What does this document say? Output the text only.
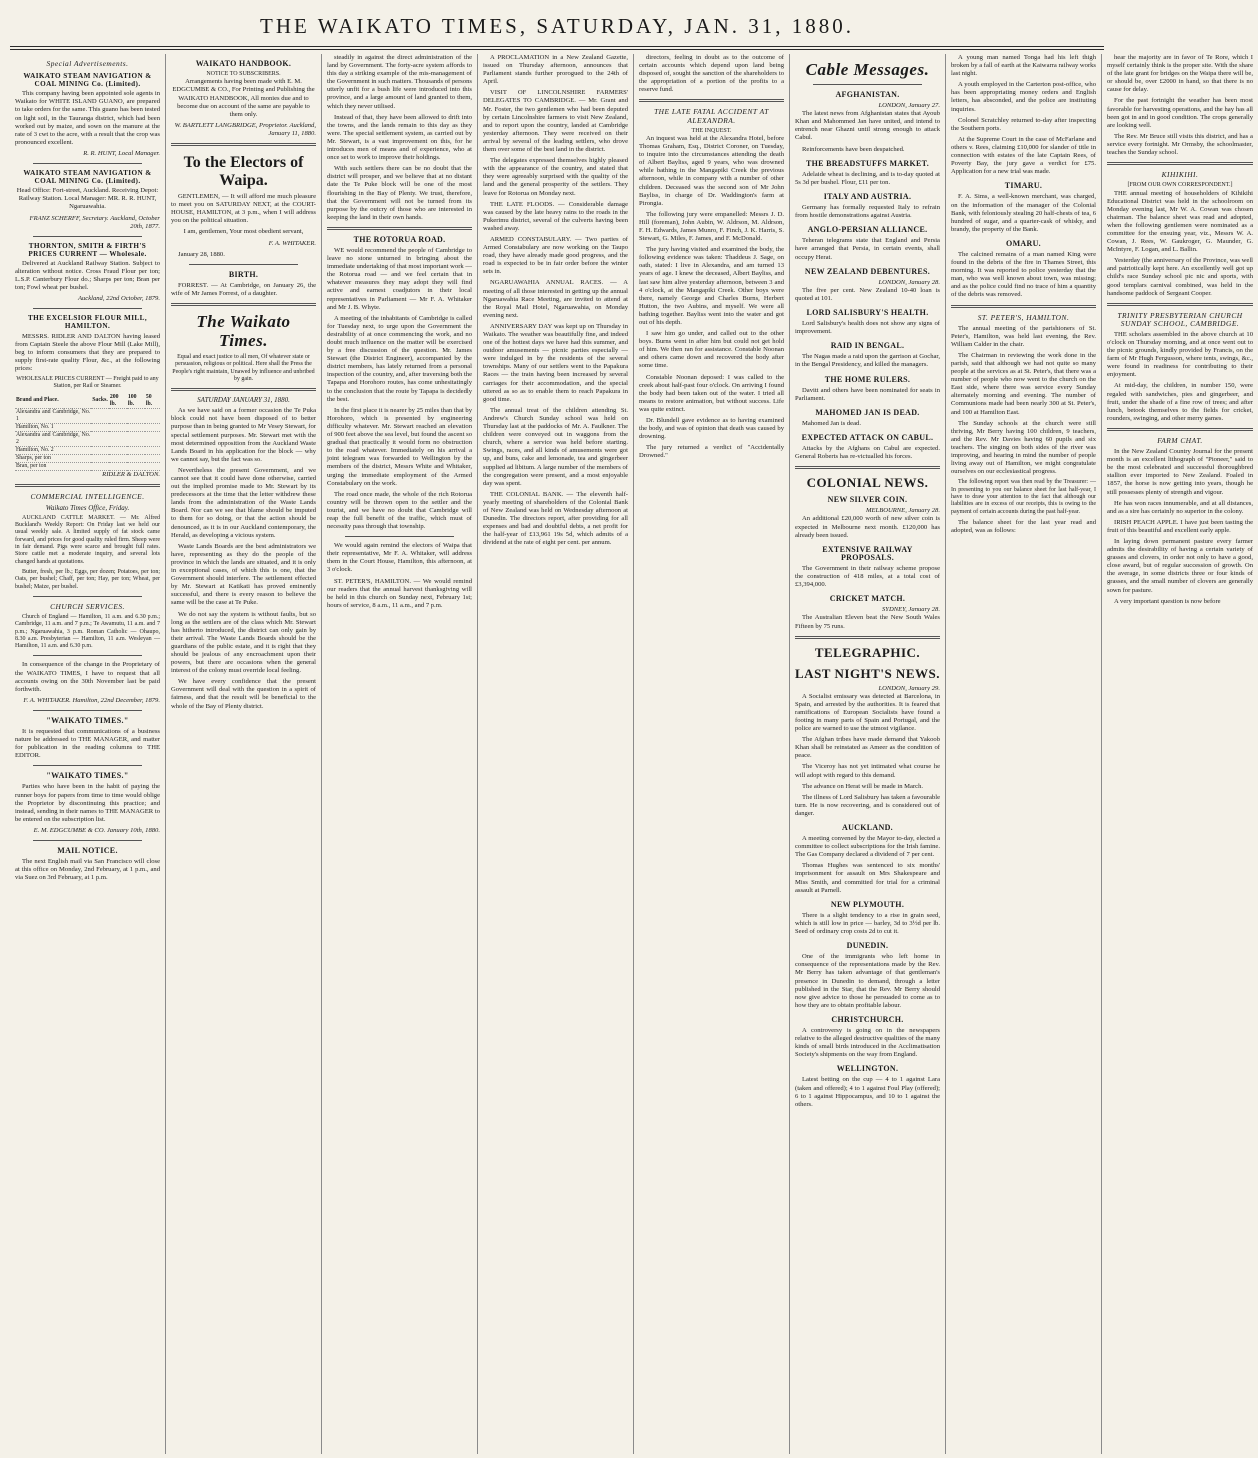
THE WAIKATO TIMES, SATURDAY, JAN. 31, 1880.
Special Advertisements.
WAIKATO STEAM NAVIGATION & COAL MINING Co. (Limited).

This company having been appointed sole agents in Waikato for WHITE ISLAND GUANO, are prepared to take orders for the same. This guano has been tested on light soil, in the Tauranga district, which had been worked out by maize, and sown on the manure at the rate of 3 cwt to the acre, with a result that the crop was pronounced excellent.

R. R. HUNT, Local Manager.

WAIKATO STEAM NAVIGATION & COAL MINING Co. (Limited).

Head Office: Fort-street, Auckland. Receiving Depot: Railway Station. Local Manager: MR. R. R. HUNT, Ngaruawahia.

FRANZ SCHERFF, Secretary. Auckland, October 20th, 1877.

THORNTON, SMITH & FIRTH'S PRICES CURRENT — Wholesale.

Delivered at Auckland Railway Station. Subject to alteration without notice. Cross Fraud Flour per ton; L.S.P. Canterbury Flour do.; Sharps per ton; Bran per ton; Fowl wheat per bushel.

Auckland, 22nd October, 1879.

THE EXCELSIOR FLOUR MILL, HAMILTON.

MESSRS. RIDLER AND DALTON having leased from Captain Steele the above Flour Mill (Lake Mill), beg to inform consumers that they are prepared to supply first-rate quality Flour, &c., at the following prices:

WHOLESALE PRICES CURRENT — Freight paid to any Station, per Rail or Steamer.

Brand and Place.	Sacks.	200 lb.	100 lb.	50 lb.
Alexandra and Cambridge, No. 1				
Hamilton, No. 1				
Alexandra and Cambridge, No. 2				
Hamilton, No. 2				
Sharps, per ton				
Bran, per ton				

RIDLER & DALTON.

COMMERCIAL INTELLIGENCE.
Waikato Times Office, Friday.

AUCKLAND CATTLE MARKET. — Mr. Alfred Buckland's Weekly Report: On Friday last we held our usual weekly sale. A limited supply of fat stock came forward, and prices for good quality ruled firm. Sheep were in fair demand. Pigs were scarce and brought full rates. Store cattle met a moderate inquiry, and several lots changed hands at quotations.

Butter, fresh, per lb.; Eggs, per dozen; Potatoes, per ton; Oats, per bushel; Chaff, per ton; Hay, per ton; Wheat, per bushel; Maize, per bushel.

CHURCH SERVICES.

Church of England — Hamilton, 11 a.m. and 6.30 p.m.; Cambridge, 11 a.m. and 7 p.m.; Te Awamutu, 11 a.m. and 7 p.m.; Ngaruawahia, 3 p.m. Roman Catholic — Ohaupo, 8.30 a.m. Presbyterian — Hamilton, 11 a.m. Wesleyan — Hamilton, 11 a.m. and 6.30 p.m.

In consequence of the change in the Proprietary of the WAIKATO TIMES, I have to request that all accounts owing on the 30th November last be paid forthwith.

F. A. WHITAKER. Hamilton, 22nd December, 1879.

"WAIKATO TIMES."

It is requested that communications of a business nature be addressed to THE MANAGER, and matter for publication in the reading columns to THE EDITOR.

"WAIKATO TIMES."

Parties who have been in the habit of paying the runner boys for papers from time to time would oblige the Proprietor by discontinuing this practice; and instead, sending in their names to THE MANAGER to be entered on the subscription list.

E. M. EDGCUMBE & CO. January 10th, 1880.

MAIL NOTICE.

The next English mail via San Francisco will close at this office on Monday, 2nd February, at 1 p.m., and via Suez on 3rd February, at 1 p.m.

WAIKATO HANDBOOK.
NOTICE TO SUBSCRIBERS.

Arrangements having been made with E. M. EDGCUMBE & CO., For Printing and Publishing the WAIKATO HANDBOOK, All monies due and to become due on account of the same are payable to them only.

W. BARTLETT LANGBRIDGE, Proprietor. Auckland, January 11, 1880.

To the Electors of Waipa.

GENTLEMEN, — It will afford me much pleasure to meet you on SATURDAY NEXT, at the COURT-HOUSE, HAMILTON, at 3 p.m., when I will address you on the political situation.

I am, gentlemen, Your most obedient servant,

F. A. WHITAKER.

January 28, 1880.

BIRTH.

FORREST. — At Cambridge, on January 26, the wife of Mr James Forrest, of a daughter.

The Waikato Times.

Equal and exact justice to all men, Of whatever state or persuasion, religious or political. Here shall the Press the People's right maintain, Unawed by influence and unbribed by gain.

SATURDAY JANUARY 31, 1880.

As we have said on a former occasion the Te Puka block could not have been disposed of to better purpose than in being granted to Mr Vesey Stewart, for special settlement purposes. Mr. Stewart met with the most determined opposition from the Auckland Waste Lands Board in his application for the block — why we cannot say, but the fact was so.

Nevertheless the present Government, and we cannot see that it could have done otherwise, carried out the implied promise made to Mr. Stewart by its predecessors at the time that the letter withdrew these lands from the administration of the Waste Lands Board. Nor can we see that blame should be imputed to them for so doing, or that the action should be denounced, as it is in our Auckland contemporary, the Herald, as developing a vicious system.

Waste Lands Boards are the best administrators we have, representing as they do the people of the province in which the lands are situated, and it is only in exceptional cases, of which this is one, that the Government should interfere. The settlement effected by Mr. Stewart at Katikati has proved eminently successful, and there is every reason to believe the same will be the case at Te Puke.

We do not say the system is without faults, but so long as the settlers are of the class which Mr. Stewart has hitherto introduced, the district can only gain by their arrival. The Waste Lands Boards should be the guardians of the public estate, and it is right that they should be jealous of any encroachment upon their powers, but there are occasions when the general interest of the colony must override local feeling.

We have every confidence that the present Government will deal with the question in a spirit of fairness, and that the result will be beneficial to the whole of the Bay of Plenty district.

steadily in against the direct administration of the land by Government. The forty-acre system affords to this day a striking example of the mis-management of the Government in such matters. Thousands of persons utterly unfit for a bush life were introduced into this province, and a large amount of land granted to them, which they never utilised.

Instead of that, they have been allowed to drift into the towns, and the lands remain to this day as they were. The special settlement system, as carried out by Mr. Stewart, is a vast improvement on this, for he introduces men of means and of experience, who at once set to work to improve their holdings.

With such settlers there can be no doubt that the district will prosper, and we believe that at no distant date the Te Puke block will be one of the most flourishing in the Bay of Plenty. We trust, therefore, that the Government will not be turned from its purpose by the outcry of those who are interested in keeping the land in their own hands.

THE ROTORUA ROAD.

WE would recommend the people of Cambridge to leave no stone unturned in bringing about the immediate undertaking of that most important work — the Rotorua road — and we feel certain that in whatever measures they may adopt they will find active and earnest coadjutors in their local representatives in Parliament — Mr F. A. Whitaker and Mr J. B. Whyte.

A meeting of the inhabitants of Cambridge is called for Tuesday next, to urge upon the Government the desirability of at once commencing the work, and no doubt much influence on the matter will be exercised by a free discussion of the question. Mr. James Stewart (the District Engineer), accompanied by the district members, has lately returned from a personal inspection of the country, and, after traversing both the Tapapa and Horohoro routes, has come unhesitatingly to the conclusion that the route by Tapapa is decidedly the best.

In the first place it is nearer by 25 miles than that by Horohoro, which is presented by engineering difficulty whatever. Mr. Stewart reached an elevation of 900 feet above the sea level, but found the ascent so gradual that practically it would form no obstruction to the road whatever. Immediately on his arrival a joint telegram was forwarded to Wellington by the members of the district, Messrs White and Whitaker, urging the immediate employment of the Armed Constabulary on the work.

The road once made, the whole of the rich Rotorua country will be thrown open to the settler and the tourist, and we have no doubt that Cambridge will reap the full benefit of the traffic, which must of necessity pass through that township.

We would again remind the electors of Waipa that their representative, Mr F. A. Whitaker, will address them in the Court House, Hamilton, this afternoon, at 3 o'clock.

ST. PETER'S, HAMILTON. — We would remind our readers that the annual harvest thanksgiving will be held in this church on Sunday next, February 1st; hours of service, 8 a.m., 11 a.m., and 7 p.m.

A PROCLAMATION in a New Zealand Gazette, issued on Thursday afternoon, announces that Parliament stands further prorogued to the 24th of April.

VISIT OF LINCOLNSHIRE FARMERS' DELEGATES TO CAMBRIDGE. — Mr. Grant and Mr. Foster, the two gentlemen who had been deputed by certain Lincolnshire farmers to visit New Zealand, and to report upon the country, landed at Cambridge yesterday afternoon. They were received on their arrival by several of the leading settlers, who drove them over some of the best land in the district.

The delegates expressed themselves highly pleased with the appearance of the country, and stated that they were agreeably surprised with the quality of the land and the general prosperity of the settlers. They leave for Rotorua on Monday next.

THE LATE FLOODS. — Considerable damage was caused by the late heavy rains to the roads in the Pukerimu district, several of the culverts having been washed away.

ARMED CONSTABULARY. — Two parties of Armed Constabulary are now working on the Taupo road, they have already made good progress, and the road is expected to be in fair order before the winter sets in.

NGARUAWAHIA ANNUAL RACES. — A meeting of all those interested in getting up the annual Ngaruawahia Race Meeting, are invited to attend at the Royal Mail Hotel, Ngaruawahia, on Monday evening next.

ANNIVERSARY DAY was kept up on Thursday in Waikato. The weather was beautifully fine, and indeed one of the hottest days we have had this summer, and outdoor amusements — picnic parties especially — were indulged in by the residents of the several townships. Many of our settlers went to the Papakura Races — the train having been increased by several carriages for their accommodation, and the special uttered as so as to enable them to reach Papakura in good time.

The annual treat of the children attending St. Andrew's Church Sunday school was held on Thursday last at the paddocks of Mr. A. Faulkner. The children were conveyed out in waggons from the church, where a service was held before starting. Swings, races, and all kinds of amusements were got up, and buns, cake and lemonade, tea and gingerbeer supplied ad libitum. A large number of the members of the congregation were present, and a most enjoyable day was spent.

THE COLONIAL BANK. — The eleventh half-yearly meeting of shareholders of the Colonial Bank of New Zealand was held on Wednesday afternoon at Dunedin. The directors report, after providing for all expenses and bad and doubtful debts, a net profit for the half-year of £13,961 19s 5d, which admits of a dividend at the rate of eight per cent. per annum.

directors, feeling in doubt as to the outcome of certain accounts which depend upon land being disposed of, sought the sanction of the shareholders to the appropriation of a portion of the profits to a reserve fund.

THE LATE FATAL ACCIDENT AT ALEXANDRA.
THE INQUEST.

An inquest was held at the Alexandra Hotel, before Thomas Graham, Esq., District Coroner, on Tuesday, to inquire into the circumstances attending the death of Albert Bayliss, aged 9 years, who was drowned while bathing in the Mangapiki Creek the previous afternoon, while in company with a number of other children. Deceased was the second son of Mr John Bayliss, in charge of Dr. Waddington's farm at Pirongia.

The following jury were empanelled: Messrs J. D. Hill (foreman), John Aubin, W. Aldrson, M. Aldrson, F. H. Edwards, James Munro, F. Finch, J. K. Harris, S. Stewart, G. Miles, F. James, and F. McDonald.

The jury having visited and examined the body, the following evidence was taken: Thaddeus J. Sage, on oath, stated: I live in Alexandra, and am turned 13 years of age. I knew the deceased, Albert Bayliss, and last saw him alive yesterday afternoon, between 3 and 4 o'clock, at the Mangapiki Creek. Other boys were there, namely George and Charles Burns, Herbert Hutton, the two Aubins, and myself. We were all bathing together. Bayliss went into the water and got out of his depth.

I saw him go under, and called out to the other boys. Burns went in after him but could not get hold of him. We then ran for assistance. Constable Noonan and others came down and recovered the body after some time.

Constable Noonan deposed: I was called to the creek about half-past four o'clock. On arriving I found the body had been taken out of the water. I tried all means to restore animation, but without success. Life was quite extinct.

Dr. Blundell gave evidence as to having examined the body, and was of opinion that death was caused by drowning.

The jury returned a verdict of "Accidentally Drowned."

Cable Messages.
AFGHANISTAN.
LONDON, January 27.

The latest news from Afghanistan states that Ayoub Khan and Mahommed Jan have united, and intend to entrench near Ghazni until strong enough to attack Cabul.

Reinforcements have been despatched.

THE BREADSTUFFS MARKET.

Adelaide wheat is declining, and is to-day quoted at 5s 3d per bushel. Flour, £11 per ton.

ITALY AND AUSTRIA.

Germany has formally requested Italy to refrain from hostile demonstrations against Austria.

ANGLO-PERSIAN ALLIANCE.

Teheran telegrams state that England and Persia have arranged that Persia, in certain events, shall occupy Herat.

NEW ZEALAND DEBENTURES.
LONDON, January 28.

The five per cent. New Zealand 10-40 loan is quoted at 101.

LORD SALISBURY'S HEALTH.

Lord Salisbury's health does not show any signs of improvement.

RAID IN BENGAL.

The Nagas made a raid upon the garrison at Gochar, in the Bengal Presidency, and killed the managers.

THE HOME RULERS.

Davitt and others have been nominated for seats in Parliament.

MAHOMED JAN IS DEAD.

Mahomed Jan is dead.

EXPECTED ATTACK ON CABUL.

Attacks by the Afghans on Cabul are expected. General Roberts has re-victualled his forces.

COLONIAL NEWS.
NEW SILVER COIN.
MELBOURNE, January 28.

An additional £20,000 worth of new silver coin is expected in Melbourne next month. £120,000 has already been issued.

EXTENSIVE RAILWAY PROPOSALS.

The Government in their railway scheme propose the construction of 418 miles, at a total cost of £3,394,000.

CRICKET MATCH.
SYDNEY, January 28.

The Australian Eleven beat the New South Wales Fifteen by 75 runs.

TELEGRAPHIC.
LAST NIGHT'S NEWS.
LONDON, January 29.

A Socialist emissary was detected at Barcelona, in Spain, and arrested by the authorities. It is feared that ramifications of European Socialists have found a footing in many parts of Spain and Portugal, and the police are warned to use the utmost vigilance.

The Afghan tribes have made demand that Yakoob Khan shall be reinstated as Ameer as the condition of peace.

The Viceroy has not yet intimated what course he will adopt with regard to this demand.

The advance on Herat will be made in March.

The illness of Lord Salisbury has taken a favourable turn. He is now recovering, and is considered out of danger.

AUCKLAND.

A meeting convened by the Mayor to-day, elected a committee to collect subscriptions for the Irish famine. The Gas Company declared a dividend of 7 per cent.

Thomas Hughes was sentenced to six months' imprisonment for assault on Mrs Shakespeare and Miss Smith, and committed for trial for a criminal assault at Parnell.

NEW PLYMOUTH.

There is a slight tendency to a rise in grain seed, which is still low in price — barley, 3d to 3½d per lb. Seed of ordinary crop costs 2d to cut it.

DUNEDIN.

One of the immigrants who left home in consequence of the representations made by the Rev. Mr Berry has taken advantage of that gentleman's presence in Dunedin to demand, through a letter published in the Star, that the Rev. Mr Berry should now give advice to those he persuaded to come as to how they are to obtain profitable labour.

CHRISTCHURCH.

A controversy is going on in the newspapers relative to the alleged destructive qualities of the many kinds of small birds introduced in the Acclimatisation Society's shipments on the way from England.

WELLINGTON.

Latest betting on the cup — 4 to 1 against Lara (taken and offered); 4 to 1 against Foul Play (offered); 6 to 1 against Hippocampus, and 10 to 1 against the others.

A young man named Tonga had his left thigh broken by a fall of earth at the Kaiwarra railway works last night.

A youth employed in the Carterton post-office, who has been appropriating money orders and English letters, has absconded, and the police are instituting inquiries.

Colonel Scratchley returned to-day after inspecting the Southern ports.

At the Supreme Court in the case of McFarlane and others v. Rees, claiming £10,000 for slander of title in connection with estates of the late Captain Rees, of Poverty Bay, the jury gave a verdict for £75. Application for a new trial was made.

TIMARU.

F. A. Sims, a well-known merchant, was charged, on the information of the manager of the Colonial Bank, with feloniously stealing 20 half-chests of tea, 6 hundred of sugar, and a quarter-cask of whisky, and brandy, the property of the Bank.

OMARU.

The calcined remains of a man named King were found in the debris of the fire in Thames Street, this morning. It was reported to police yesterday that the man, who was well known about town, was missing; and as the police could find no trace of him a quantity of the debris was removed.

ST. PETER'S, HAMILTON.

The annual meeting of the parishioners of St. Peter's, Hamilton, was held last evening, the Rev. William Calder in the chair.

The Chairman in reviewing the work done in the parish, said that although we had not quite so many people at the services as at St. Peter's, that there was a number of people who now went to the church on the East side, where there was service every Sunday alternately morning and evening. The number of Communions made had been nearly 300 at St. Peter's, and 100 at Hamilton East.

The Sunday schools at the church were still thriving, Mr Berry having 100 children, 9 teachers, and the Rev. Mr Davies having 60 pupils and six teachers. The singing on both sides of the river was improving, and hearing in mind the number of people living away out of Hamilton, we might congratulate ourselves on our ecclesiastical progress.

The following report was then read by the Treasurer: — In presenting to you our balance sheet for last half-year, I have to draw your attention to the fact that although our liabilities are in excess of our receipts, this is owing to the payment of certain accounts during the past half-year.

The balance sheet for the last year read and adopted, was as follows:

hear the majority are in favor of Te Rore, which I myself certainly think is the proper site. With the share of the late grant for bridges on the Waipa there will be, or should be, over £2000 in hand, so that there is no cause for delay.

For the past fortnight the weather has been most favorable for harvesting operations, and the hay has all been got in and in good condition. The crops generally are looking well.

The Rev. Mr Bruce still visits this district, and has a service every fortnight. Mr Ormsby, the schoolmaster, teaches the Sunday school.

KIHIKIHI.
[FROM OUR OWN CORRESPONDENT.]

THE annual meeting of householders of Kihikihi Educational District was held in the schoolroom on Monday evening last, Mr W. A. Cowan was chosen chairman. The balance sheet was read and adopted, when the following gentlemen were nominated as a committee for the ensuing year, viz., Messrs W. A. Cowan, J. Rees, W. Gaukroger, G. Maunder, G. McIntyre, F. Logan, and L. Ballin.

Yesterday (the anniversary of the Province, was well and patriotically kept here. An excellently well got up child's race Sunday school pic nic and sports, with good templars carnival combined, was held in the handsome paddock of Sergeant Cooper.

TRINITY PRESBYTERIAN CHURCH SUNDAY SCHOOL, CAMBRIDGE.

THE scholars assembled in the above church at 10 o'clock on Thursday morning, and at once went out to the picnic grounds, kindly provided by Francis, on the farm of Mr Hugh Fergusson, where tents, swings, &c., were found in readiness for contributing to their enjoyment.

At mid-day, the children, in number 150, were regaled with sandwiches, pies and gingerbeer, and fruit, under the shade of a fine row of trees; and after lunch, betook themselves to the fields for cricket, rounders, swinging, and other merry games.

FARM CHAT.

In the New Zealand Country Journal for the present month is an excellent lithograph of "Pioneer," said to be the most celebrated and successful thoroughbred stallion ever imported to New Zealand. Foaled in 1857, the horse is now getting into years, though he still possesses plenty of strength and vigour.

He has won races innumerable, and at all distances, and as a sire has certainly no superior in the colony.

IRISH PEACH APPLE. I have just been tasting the fruit of this beautiful and excellent early apple.

In laying down permanent pasture every farmer admits the desirability of having a certain variety of grasses and clovers, in order not only to have a good, close award, but of regular succession of growth. On the average, in some districts three or four kinds of grasses, and the small number of clovers are generally sown for pasture.

A very important question is now before
